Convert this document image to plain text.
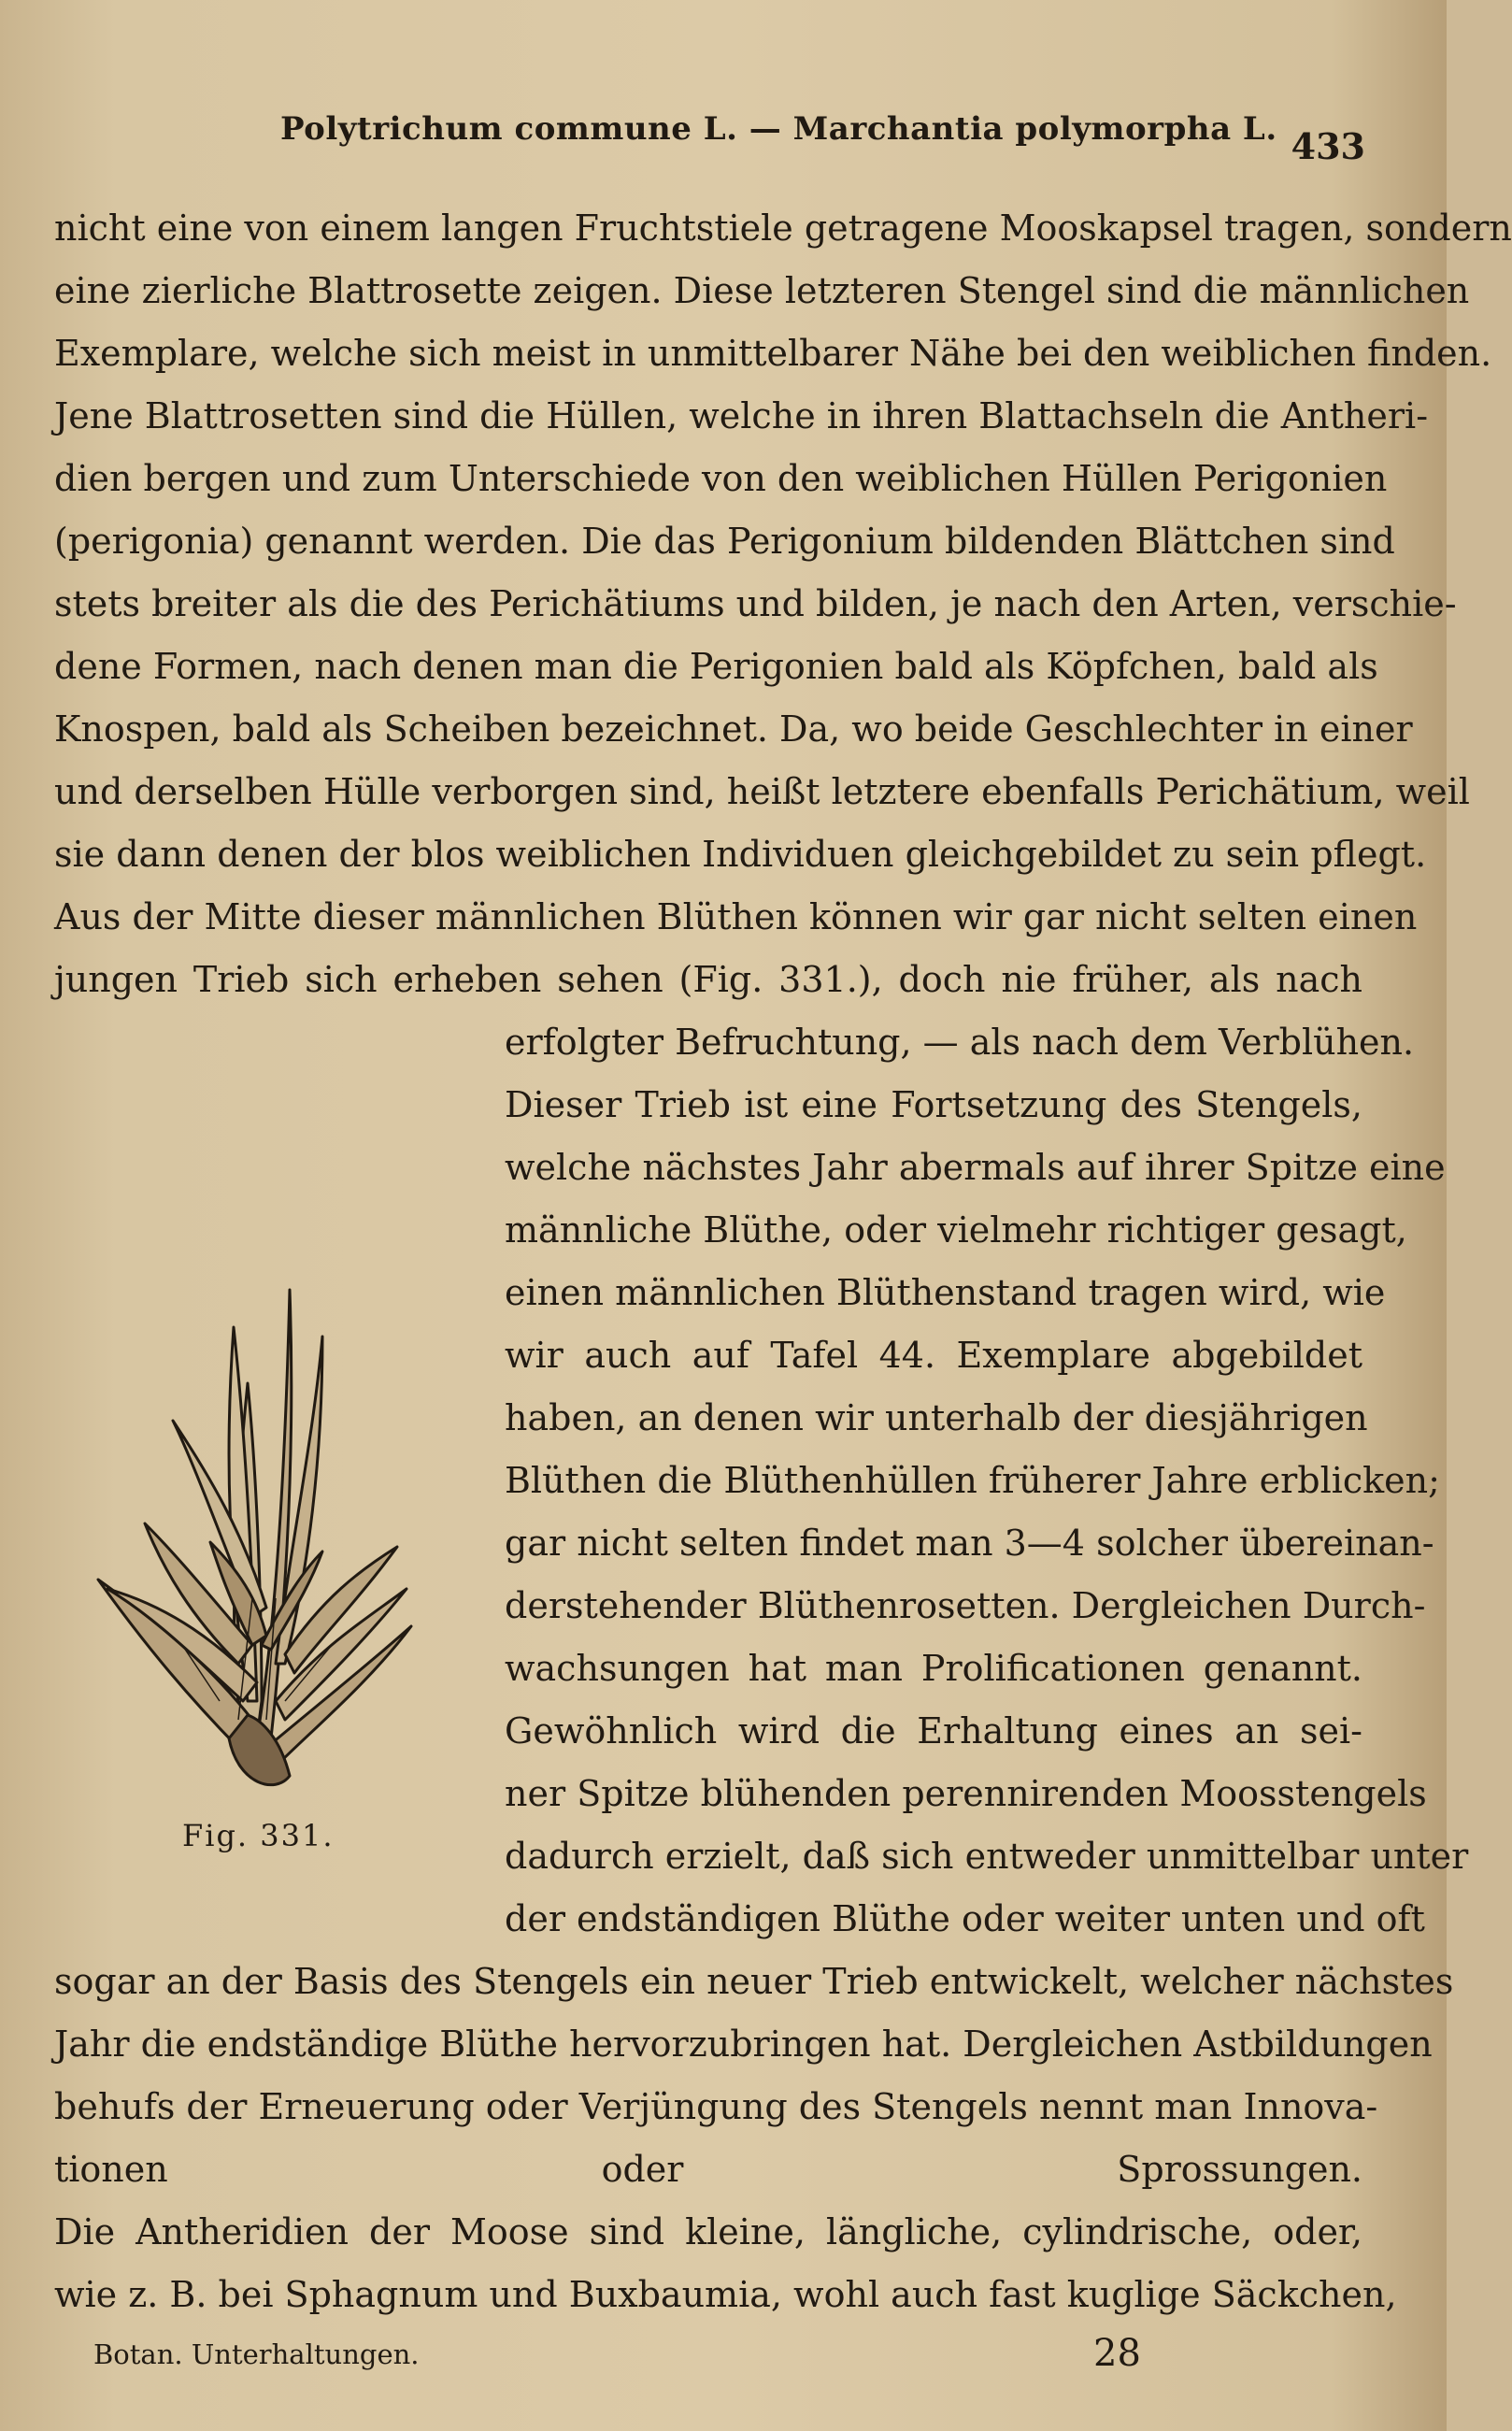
Polytrichum commune L. — Marchantia polymorpha L. 433
nicht eine von einem langen Fruchtstiele getragene Mooskapsel tragen, sondern
eine zierliche Blattrosette zeigen. Diese letzteren Stengel sind die männlichen
Exemplare, welche sich meist in unmittelbarer Nähe bei den weiblichen finden.
Jene Blattrosetten sind die Hüllen, welche in ihren Blattachseln die Antheri-
dien bergen und zum Unterschiede von den weiblichen Hüllen Perigonien
(perigonia) genannt werden. Die das Perigonium bildenden Blättchen sind
stets breiter als die des Perichätiums und bilden, je nach den Arten, verschie-
dene Formen, nach denen man die Perigonien bald als Köpfchen, bald als
Knospen, bald als Scheiben bezeichnet. Da, wo beide Geschlechter in einer
und derselben Hülle verborgen sind, heißt letztere ebenfalls Perichätium, weil
sie dann denen der blos weiblichen Individuen gleichgebildet zu sein pflegt.
Aus der Mitte dieser männlichen Blüthen können wir gar nicht selten einen
jungen Trieb sich erheben sehen (Fig. 331.), doch nie früher, als nach
erfolgter Befruchtung, — als nach dem Verblühen.
Dieser Trieb ist eine Fortsetzung des Stengels,
welche nächstes Jahr abermals auf ihrer Spitze eine
männliche Blüthe, oder vielmehr richtiger gesagt,
einen männlichen Blüthenstand tragen wird, wie
wir auch auf Tafel 44. Exemplare abgebildet
haben, an denen wir unterhalb der diesjährigen
Blüthen die Blüthenhüllen früherer Jahre erblicken;
gar nicht selten findet man 3—4 solcher übereinan-
derstehender Blüthenrosetten. Dergleichen Durch-
wachsungen hat man Prolificationen genannt.
Gewöhnlich wird die Erhaltung eines an sei-
ner Spitze blühenden perennirenden Moosstengels
dadurch erzielt, daß sich entweder unmittelbar unter
der endständigen Blüthe oder weiter unten und oft
sogar an der Basis des Stengels ein neuer Trieb entwickelt, welcher nächstes
Jahr die endständige Blüthe hervorzubringen hat. Dergleichen Astbildungen
behufs der Erneuerung oder Verjüngung des Stengels nennt man Innova-
tionen oder Sprossungen.
Die Antheridien der Moose sind kleine, längliche, cylindrische, oder,
wie z. B. bei Sphagnum und Buxbaumia, wohl auch fast kuglige Säckchen,
Fig. 331.
Botan. Unterhaltungen.	28
